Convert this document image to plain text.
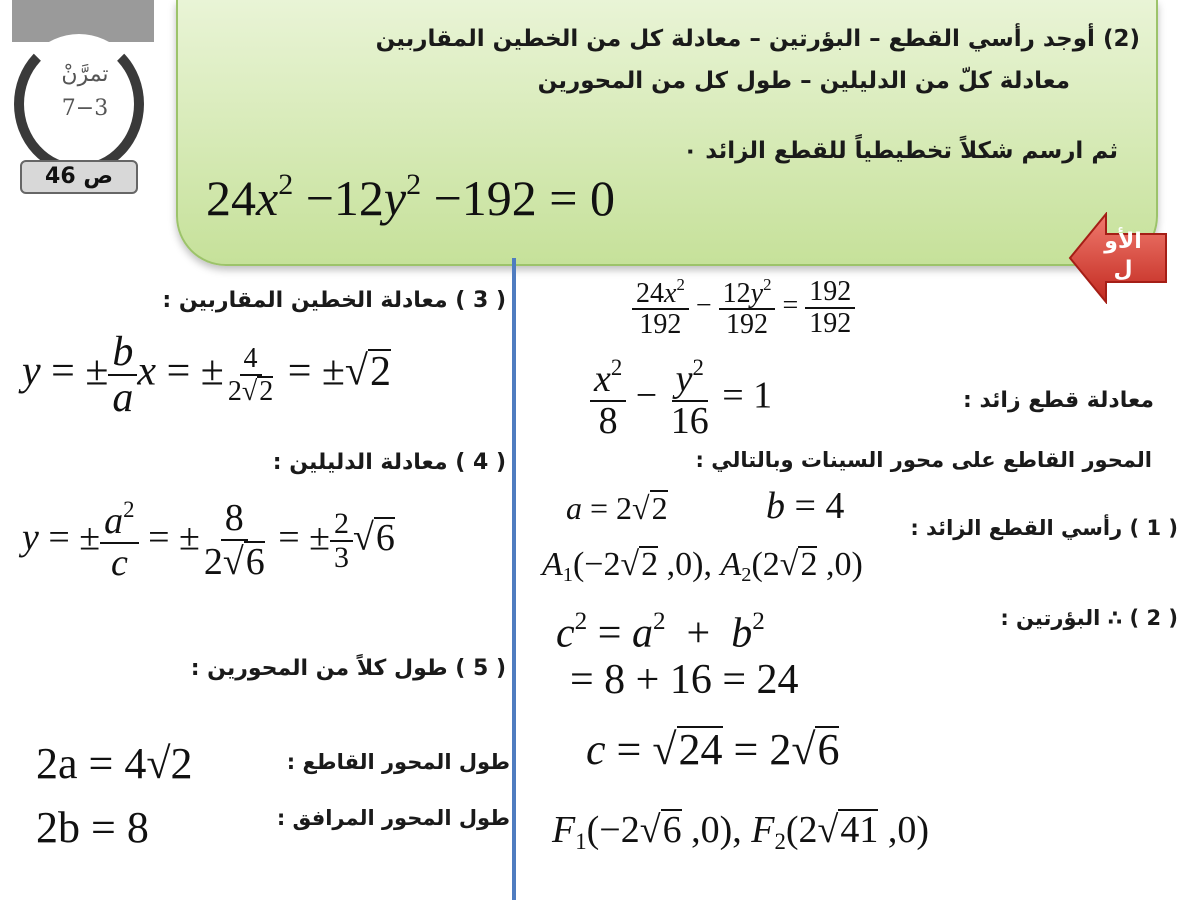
تمرَّنْ
7−3
ص 46
(2) أوجد رأسي القطع – البؤرتين – معادلة كل من الخطين المقاربين
معادلة كلّ من الدليلين – طول كل من المحورين
ثم ارسم شكلاً تخطيطياً للقطع الزائد ٠
$24x^2 -12y^2 -192 = 0$
الأو ل
$\frac{24x^2}{192} - \frac{12y^2}{192} = \frac{192}{192}$
$\frac{x^2}{8} - \frac{y^2}{16} = 1$	معادلة قطع زائد :
المحور القاطع على محور السينات وبالتالي :
a = 2√2	b = 4
( 1 ) رأسي القطع الزائد :
$A_1(-2√2$ ,0), $A_2(2√2$ ,0)
( 2 ) ∴ البؤرتين :
$c^2 = a^2 + b^2$
= 8 + 16 = 24
c = √24 = 2√6
$F_1(-2√6$ ,0), $F_2(2√41$ ,0)
( 3 ) معادلة الخطين المقاربين :
y = ± $\frac{b}{a}$ x = ± $\frac{4}{2√2} = \pm√2$
( 4 ) معادلة الدليلين :
y = ± $\frac{a^2}{c}$ = ± $\frac{8}{2√6}$ = ± $\frac{2}{3} √6$
( 5 ) طول كلاً من المحورين :
طول المحور القاطع :
2a = 4√2
طول المحور المرافق :
2b = 8
